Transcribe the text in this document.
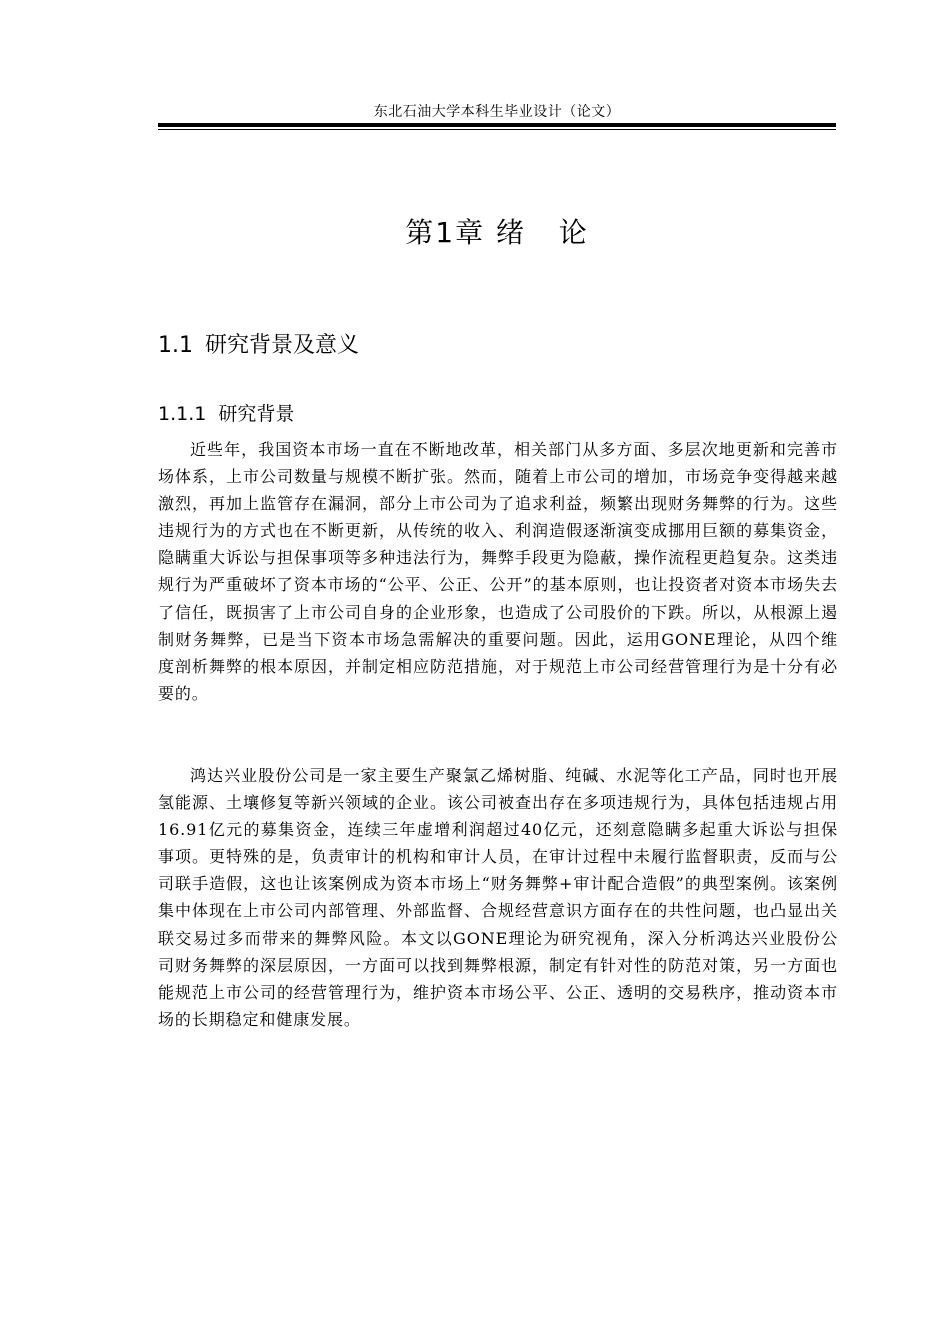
东北石油大学本科生毕业设计（论文）
第1章 绪   论
1.1 研究背景及意义
1.1.1 研究背景

近些年，我国资本市场一直在不断地改革，相关部门从多方面、多层次地更新和完善市场体系，上市公司数量与规模不断扩张。然而，随着上市公司的增加，市场竞争变得越来越激烈，再加上监管存在漏洞，部分上市公司为了追求利益，频繁出现财务舞弊的行为。这些违规行为的方式也在不断更新，从传统的收入、利润造假逐渐演变成挪用巨额的募集资金，隐瞒重大诉讼与担保事项等多种违法行为，舞弊手段更为隐蔽，操作流程更趋复杂。这类违规行为严重破坏了资本市场的“公平、公正、公开”的基本原则，也让投资者对资本市场失去了信任，既损害了上市公司自身的企业形象，也造成了公司股价的下跌。所以，从根源上遏制财务舞弊，已是当下资本市场急需解决的重要问题。因此，运用GONE理论，从四个维度剖析舞弊的根本原因，并制定相应防范措施，对于规范上市公司经营管理行为是十分有必要的。

鸿达兴业股份公司是一家主要生产聚氯乙烯树脂、纯碱、水泥等化工产品，同时也开展氢能源、土壤修复等新兴领域的企业。该公司被查出存在多项违规行为，具体包括违规占用16.91亿元的募集资金，连续三年虚增利润超过40亿元，还刻意隐瞒多起重大诉讼与担保事项。更特殊的是，负责审计的机构和审计人员，在审计过程中未履行监督职责，反而与公司联手造假，这也让该案例成为资本市场上“财务舞弊+审计配合造假”的典型案例。该案例集中体现在上市公司内部管理、外部监督、合规经营意识方面存在的共性问题，也凸显出关联交易过多而带来的舞弊风险。本文以GONE理论为研究视角，深入分析鸿达兴业股份公司财务舞弊的深层原因，一方面可以找到舞弊根源，制定有针对性的防范对策，另一方面也能规范上市公司的经营管理行为，维护资本市场公平、公正、透明的交易秩序，推动资本市场的长期稳定和健康发展。
